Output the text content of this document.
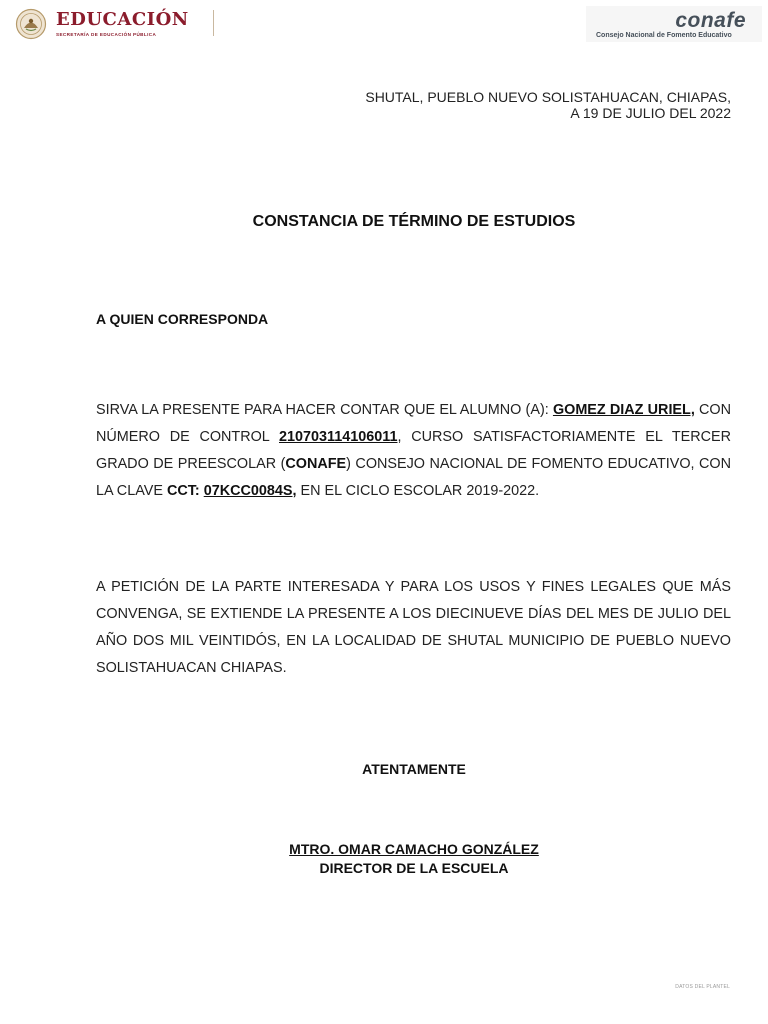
EDUCACIÓN
SECRETARÍA DE EDUCACIÓN PÚBLICA
conafe
Consejo Nacional de Fomento Educativo
SHUTAL, PUEBLO NUEVO SOLISTAHUACAN, CHIAPAS,
A 19 DE JULIO DEL 2022
CONSTANCIA DE TÉRMINO DE ESTUDIOS
A QUIEN CORRESPONDA
SIRVA LA PRESENTE PARA HACER CONTAR QUE EL ALUMNO (A): GOMEZ DIAZ URIEL, CON NÚMERO DE CONTROL 210703114106011, CURSO SATISFACTORIAMENTE EL TERCER GRADO DE PREESCOLAR (CONAFE) CONSEJO NACIONAL DE FOMENTO EDUCATIVO, CON LA CLAVE CCT: 07KCC0084S, EN EL CICLO ESCOLAR 2019-2022.
A PETICIÓN DE LA PARTE INTERESADA Y PARA LOS USOS Y FINES LEGALES QUE MÁS CONVENGA, SE EXTIENDE LA PRESENTE A LOS DIECINUEVE DÍAS DEL MES DE JULIO DEL AÑO DOS MIL VEINTIDÓS, EN LA LOCALIDAD DE SHUTAL MUNICIPIO DE PUEBLO NUEVO SOLISTAHUACAN CHIAPAS.
ATENTAMENTE
MTRO. OMAR CAMACHO GONZÁLEZ
DIRECTOR DE LA ESCUELA
DATOS DEL PLANTEL
